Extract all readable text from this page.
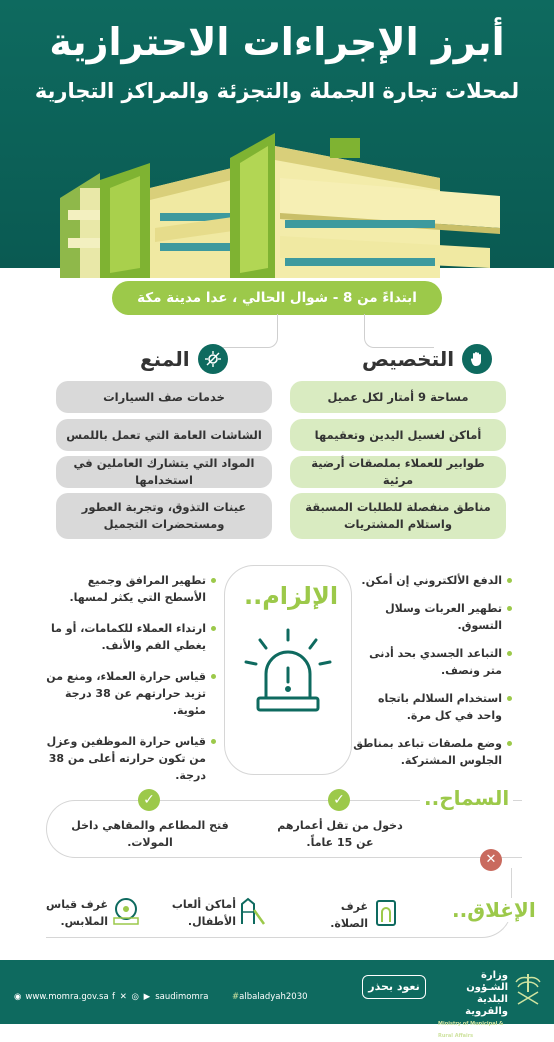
أبرز الإجراءات الاحترازية
لمحلات تجارة الجملة والتجزئة والمراكز التجارية
ابتداءً من 8 - شوال الحالي ، عدا مدينة مكة المكرمة
التخصيص
مساحة 9 أمتار لكل عميل
أماكن لغسيل اليدين وتعقيمها
طوابير للعملاء بملصقات أرضية مرئية
مناطق منفصلة للطلبات المسبقة واستلام المشتريات
المنع
خدمات صف السيارات
الشاشات العامة التي تعمل باللمس
المواد التي يتشارك العاملين في استخدامها
عينات التذوق، وتجربة العطور ومستحضرات التجميل
الإلزام..
الدفع الألكتروني إن أمكن.
تطهير العربات وسلال التسوق.
التباعد الجسدي بحد أدنى متر ونصف.
استخدام السلالم باتجاه واحد في كل مرة.
وضع ملصقات تباعد بمناطق الجلوس المشتركة.
تطهير المرافق وجميع الأسطح التي يكثر لمسها.
ارتداء العملاء للكمامات، أو ما يغطي الفم والأنف.
قياس حرارة العملاء، ومنع من تزيد حرارتهم عن 38 درجة مئوية.
قياس حرارة الموظفين وعزل من تكون حرارته أعلى من 38 درجة.
السماح..
✓
✓
دخول من تقل أعمارهم عن 15 عاماً.
فتح المطاعم والمقاهي داخل المولات.
✕
الإغلاق..
غرف الصلاة.
أماكن ألعاب الأطفال.
غرف قياس الملابس.
وزارة الشـؤون البلدية والقروية
Ministry of Municipal & Rural Affairs
نعود بحذر
#albaladyah2030
f ✕ ◎ ▶ saudimomra
◉ www.momra.gov.sa
